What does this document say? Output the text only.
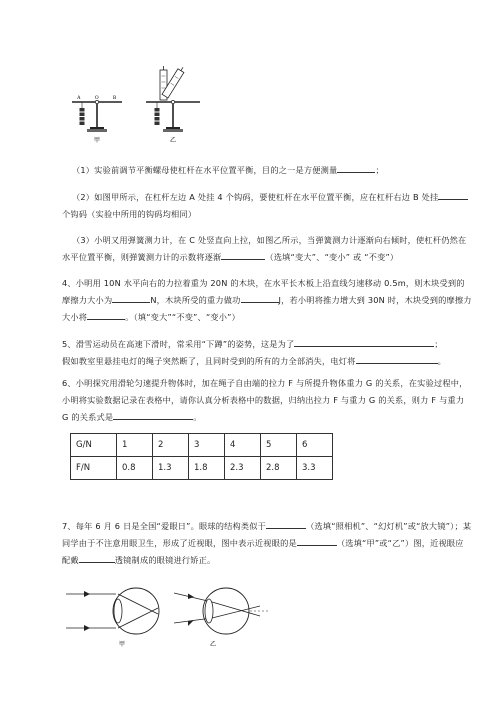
A	O	B
甲	乙
（1）实验前调节平衡螺母使杠杆在水平位置平衡，目的之一是方便测量	；
（2）如图甲所示，在杠杆左边 A 处挂 4 个钩码，要使杠杆在水平位置平衡，应在杠杆右边 B 处挂个钩码（实验中所用的钩码均相同）
（3）小明又用弹簧测力计，在 C 处竖直向上拉，如图乙所示，当弹簧测力计逐渐向右倾时，使杠杆仍然在水平位置平衡，则弹簧测力计的示数将逐渐	（选填“变大”、“变小” 或 “不变”）
4、小明用 10N 水平向右的力拉着重为 20N 的木块，在水平长木板上沿直线匀速移动 0.5m，则木块受到的摩擦力大小为	N，木块所受的重力做功	J，若小明将推力增大到 30N 时，木块受到的摩擦力大小将	。（填“变大”“不变”、“变小”）
5、滑雪运动员在高速下滑时，常采用“下蹲”的姿势，这是为了	；
假如教室里悬挂电灯的绳子突然断了，且同时受到的所有的力全部消失，电灯将	。
6、小明探究用滑轮匀速提升物体时，加在绳子自由端的拉力 F 与所提升物体重力 G 的关系，在实验过程中，小明将实验数据记录在表格中，请你认真分析表格中的数据，归纳出拉力 F 与重力 G 的关系，则力 F 与重力 G 的关系式是	。
G/N	1	2	3	4	5	6
F/N	0.8	1.3	1.8	2.3	2.8	3.3
7、每年 6 月 6 日是全国“爱眼日”。眼球的结构类似于	（选填“照相机”、“幻灯机”或“放大镜”）；某同学由于不注意用眼卫生，形成了近视眼，图中表示近视眼的是	（选填“甲”或“乙”）图，近视眼应配戴	透镜制成的眼镜进行矫正。
甲	乙
